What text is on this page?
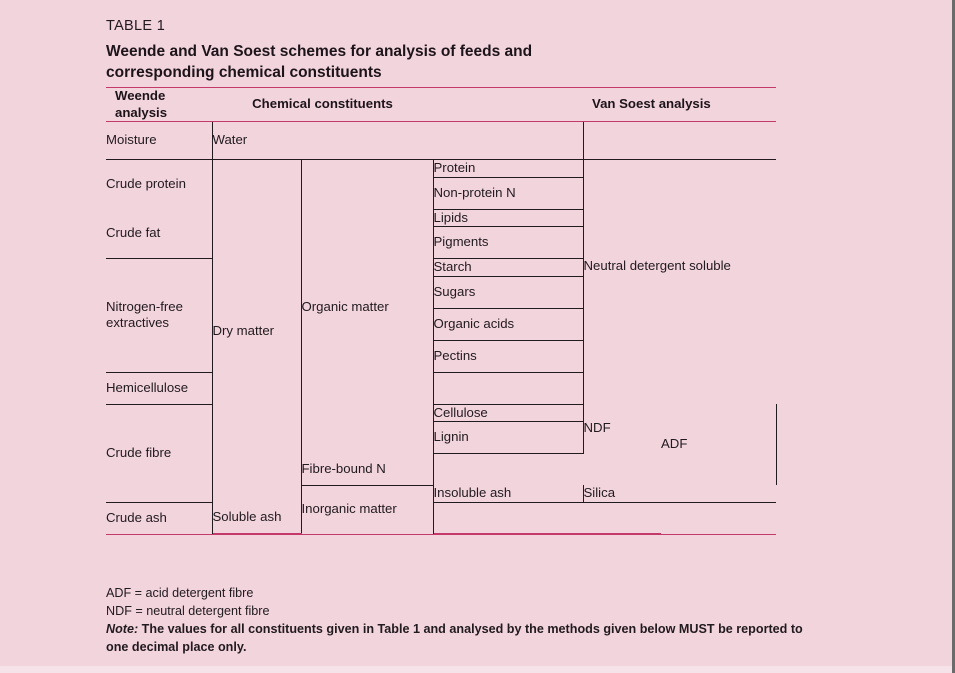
TABLE 1
Weende and Van Soest schemes for analysis of feeds and corresponding chemical constituents
Weende analysis	Chemical constituents			Van Soest analysis	
Moisture	Water				
Crude protein	Dry matter	Organic matter	Protein	Neutral detergent soluble	
			Non-protein N		
Crude fat			Lipids		
			Pigments		
Nitrogen-free extractives			Starch		
			Sugars		
			Organic acids		
			Pectins		
Hemicellulose				NDF	
Crude fibre			Cellulose		ADF
			Lignin		
		Fibre-bound N			
		Inorganic matter	Insoluble ash	Silica	
Crude ash	Soluble ash				

ADF = acid detergent fibre

NDF = neutral detergent fibre

Note: The values for all constituents given in Table 1 and analysed by the methods given below MUST be reported to one decimal place only.
